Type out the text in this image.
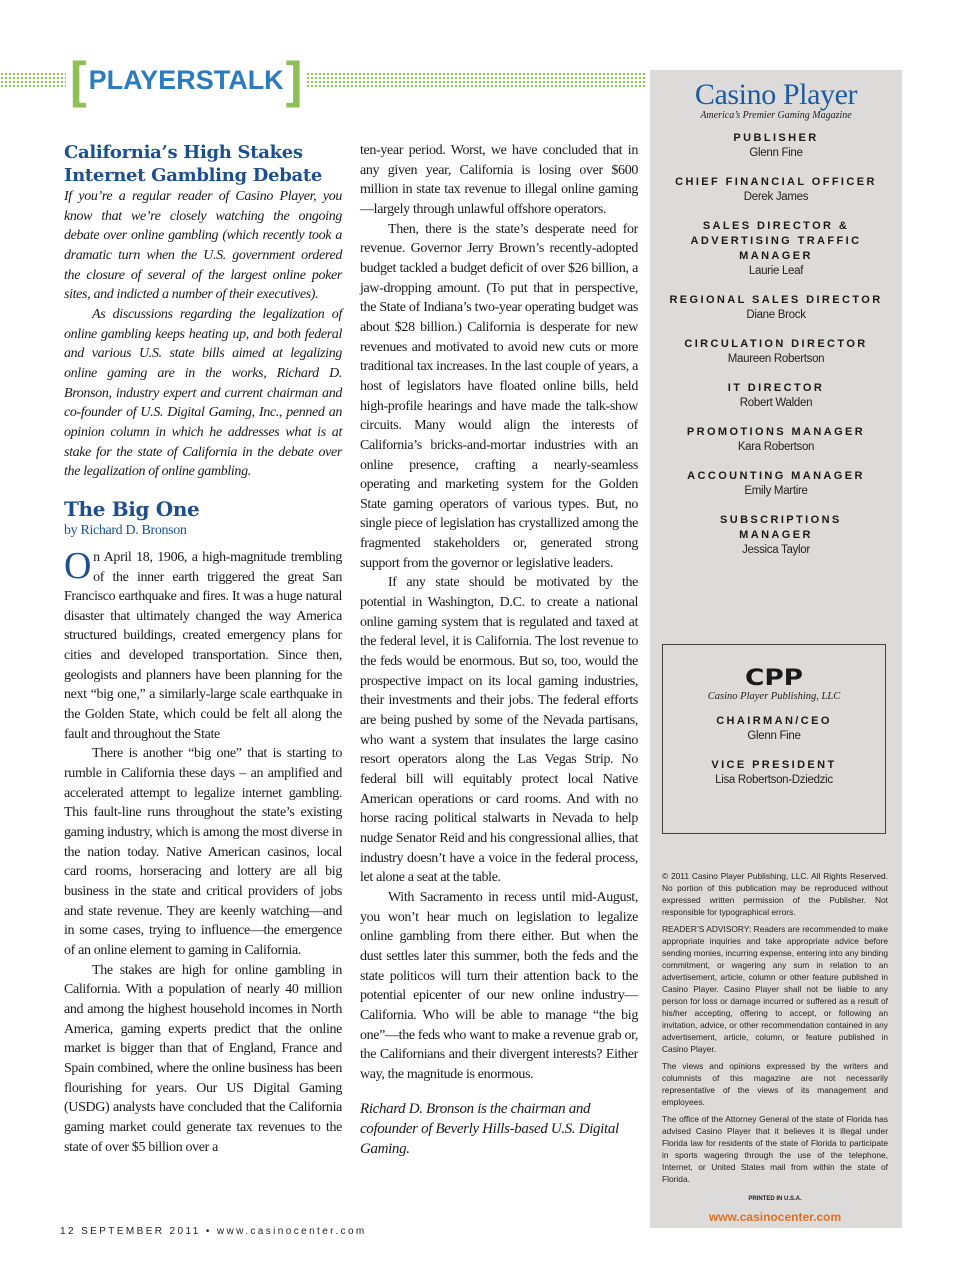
[ PLAYERSTALK ]
California’s High Stakes Internet Gambling Debate

If you’re a regular reader of Casino Player, you know that we’re closely watching the ongoing debate over online gambling (which recently took a dramatic turn when the U.S. government ordered the closure of several of the largest online poker sites, and indicted a number of their executives).

As discussions regarding the legalization of online gambling keeps heating up, and both federal and various U.S. state bills aimed at legalizing online gaming are in the works, Richard D. Bronson, industry expert and current chairman and co-founder of U.S. Digital Gaming, Inc., penned an opinion column in which he addresses what is at stake for the state of California in the debate over the legalization of online gambling.

The Big One
by Richard D. Bronson

On April 18, 1906, a high-magnitude trembling of the inner earth triggered the great San Francisco earthquake and fires. It was a huge natural disaster that ultimately changed the way America structured buildings, created emergency plans for cities and developed transportation. Since then, geologists and planners have been planning for the next “big one,” a similarly-large scale earthquake in the Golden State, which could be felt all along the fault and throughout the State

There is another “big one” that is starting to rumble in California these days – an amplified and accelerated attempt to legalize internet gambling. This fault-line runs throughout the state’s existing gaming industry, which is among the most diverse in the nation today. Native American casinos, local card rooms, horseracing and lottery are all big business in the state and critical providers of jobs and state revenue. They are keenly watching—and in some cases, trying to influence—the emergence of an online element to gaming in California.

The stakes are high for online gambling in California. With a population of nearly 40 million and among the highest household incomes in North America, gaming experts predict that the online market is bigger than that of England, France and Spain combined, where the online business has been flourishing for years. Our US Digital Gaming (USDG) analysts have concluded that the California gaming market could generate tax revenues to the state of over $5 billion over a

ten-year period. Worst, we have concluded that in any given year, California is losing over $600 million in state tax revenue to illegal online gaming —largely through unlawful offshore operators.

Then, there is the state’s desperate need for revenue. Governor Jerry Brown’s recently-adopted budget tackled a budget deficit of over $26 billion, a jaw-dropping amount. (To put that in perspective, the State of Indiana’s two-year operating budget was about $28 billion.) California is desperate for new revenues and motivated to avoid new cuts or more traditional tax increases. In the last couple of years, a host of legislators have floated online bills, held high-profile hearings and have made the talk-show circuits. Many would align the interests of California’s bricks-and-mortar industries with an online presence, crafting a nearly-seamless operating and marketing system for the Golden State gaming operators of various types. But, no single piece of legislation has crystallized among the fragmented stakeholders or, generated strong support from the governor or legislative leaders.

If any state should be motivated by the potential in Washington, D.C. to create a national online gaming system that is regulated and taxed at the federal level, it is California. The lost revenue to the feds would be enormous. But so, too, would the prospective impact on its local gaming industries, their investments and their jobs. The federal efforts are being pushed by some of the Nevada partisans, who want a system that insulates the large casino resort operators along the Las Vegas Strip. No federal bill will equitably protect local Native American operations or card rooms. And with no horse racing political stalwarts in Nevada to help nudge Senator Reid and his congressional allies, that industry doesn’t have a voice in the federal process, let alone a seat at the table.

With Sacramento in recess until mid-August, you won’t hear much on legislation to legalize online gambling from there either. But when the dust settles later this summer, both the feds and the state politicos will turn their attention back to the potential epicenter of our new online industry—California. Who will be able to manage “the big one”—the feds who want to make a revenue grab or, the Californians and their divergent interests? Either way, the magnitude is enormous.

Richard D. Bronson is the chairman and cofounder of Beverly Hills-based U.S. Digital Gaming.

12 SEPTEMBER 2011 • www.casinocenter.com
Casino Player
America’s Premier Gaming Magazine
PUBLISHER
Glenn Fine
CHIEF FINANCIAL OFFICER
Derek James
SALES DIRECTOR & ADVERTISING TRAFFIC MANAGER
Laurie Leaf
REGIONAL SALES DIRECTOR
Diane Brock
CIRCULATION DIRECTOR
Maureen Robertson
IT DIRECTOR
Robert Walden
PROMOTIONS MANAGER
Kara Robertson
ACCOUNTING MANAGER
Emily Martire
SUBSCRIPTIONS MANAGER
Jessica Taylor
CPP
Casino Player Publishing, LLC
CHAIRMAN/CEO
Glenn Fine
VICE PRESIDENT
Lisa Robertson-Dziedzic

© 2011 Casino Player Publishing, LLC. All Rights Reserved. No portion of this publication may be reproduced without expressed written permission of the Publisher. Not responsible for typographical errors.

READER’S ADVISORY: Readers are recommended to make appropriate inquiries and take appropriate advice before sending monies, incurring expense, entering into any binding commitment, or wagering any sum in relation to an advertisement, article, column or other feature published in Casino Player. Casino Player shall not be liable to any person for loss or damage incurred or suffered as a result of his/her accepting, offering to accept, or following an invitation, advice, or other recommendation contained in any advertisement, article, column, or feature published in Casino Player.

The views and opinions expressed by the writers and columnists of this magazine are not necessarily representative of the views of its management and employees.

The office of the Attorney General of the state of Florida has advised Casino Player that it believes it is illegal under Florida law for residents of the state of Florida to participate in sports wagering through the use of the telephone, Internet, or United States mail from within the state of Florida.

PRINTED IN U.S.A.
www.casinocenter.com
